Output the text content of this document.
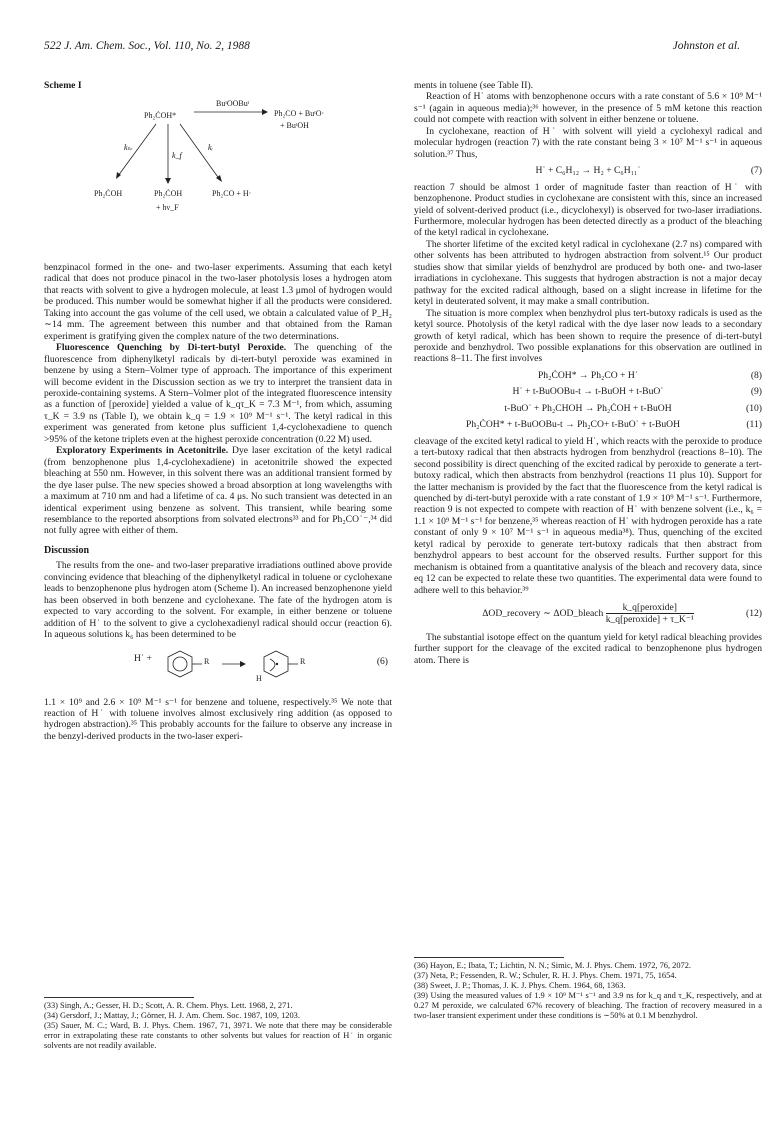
522 J. Am. Chem. Soc., Vol. 110, No. 2, 1988	Johnston et al.
Scheme I
Ph₂ĊOH*
BuᵗOOBuᵗ
Ph₂CO + BuᵗO·
+ BuᵗOH
kₙᵣ
k_f
kᵣ
Ph₂ĊOH	Ph₂ĊOH
+ hν_F
Ph₂CO + H·

benzpinacol formed in the one- and two-laser experiments. Assuming that each ketyl radical that does not produce pinacol in the two-laser photolysis loses a hydrogen atom that reacts with solvent to give a hydrogen molecule, at least 1.3 μmol of hydrogen would be produced. This number would be somewhat higher if all the products were considered. Taking into account the gas volume of the cell used, we obtain a calculated value of P_H₂ ∼14 mm. The agreement between this number and that obtained from the Raman experiment is gratifying given the complex nature of the two determinations.

Fluorescence Quenching by Di-tert-butyl Peroxide. The quenching of the fluorescence from diphenylketyl radicals by di-tert-butyl peroxide was examined in benzene by using a Stern–Volmer type of approach. The importance of this experiment will become evident in the Discussion section as we try to interpret the transient data in peroxide-containing systems. A Stern–Volmer plot of the integrated fluorescence intensity as a function of [peroxide] yielded a value of k_qτ_K = 7.3 M⁻¹, from which, assuming τ_K = 3.9 ns (Table I), we obtain k_q = 1.9 × 10⁹ M⁻¹ s⁻¹. The ketyl radical in this experiment was generated from ketone plus sufficient 1,4-cyclohexadiene to quench >95% of the ketone triplets even at the highest peroxide concentration (0.22 M) used.

Exploratory Experiments in Acetonitrile. Dye laser excitation of the ketyl radical (from benzophenone plus 1,4-cyclohexadiene) in acetonitrile showed the expected bleaching at 550 nm. However, in this solvent there was an additional transient formed by the dye laser pulse. The new species showed a broad absorption at long wavelengths with a maximum at 710 nm and had a lifetime of ca. 4 μs. No such transient was detected in an identical experiment using benzene as solvent. This transient, while bearing some resemblance to the reported absorptions from solvated electrons³³ and for Ph₂CO˙⁻,³⁴ did not fully agree with either of them.

Discussion

The results from the one- and two-laser preparative irradiations outlined above provide convincing evidence that bleaching of the diphenylketyl radical in toluene or cyclohexane leads to benzophenone plus hydrogen atom (Scheme I). An increased benzophenone yield has been observed in both benzene and cyclohexane. The fate of the hydrogen atom is expected to vary according to the solvent. For example, in either benzene or toluene addition of H˙ to the solvent to give a cyclohexadienyl radical should occur (reaction 6). In aqueous solutions k₆ has been determined to be

H˙ +	R	R
H
(6)

1.1 × 10⁹ and 2.6 × 10⁹ M⁻¹ s⁻¹ for benzene and toluene, respectively.³⁵ We note that reaction of H˙ with toluene involves almost exclusively ring addition (as opposed to hydrogen abstraction).³⁵ This probably accounts for the failure to observe any increase in the benzyl-derived products in the two-laser experi-

(33) Singh, A.; Gesser, H. D.; Scott, A. R. Chem. Phys. Lett. 1968, 2, 271.

(34) Gersdorf, J.; Mattay, J.; Görner, H. J. Am. Chem. Soc. 1987, 109, 1203.

(35) Sauer, M. C.; Ward, B. J. Phys. Chem. 1967, 71, 3971. We note that there may be considerable error in extrapolating these rate constants to other solvents but values for reaction of H˙ in organic solvents are not readily available.

ments in toluene (see Table II).

Reaction of H˙ atoms with benzophenone occurs with a rate constant of 5.6 × 10⁹ M⁻¹ s⁻¹ (again in aqueous media);³⁶ however, in the presence of 5 mM ketone this reaction could not compete with reaction with solvent in either benzene or toluene.

In cyclohexane, reaction of H˙ with solvent will yield a cyclohexyl radical and molecular hydrogen (reaction 7) with the rate constant being 3 × 10⁷ M⁻¹ s⁻¹ in aqueous solution.³⁷ Thus,

H˙ + C₆H₁₂ → H₂ + C₆H₁₁˙	(7)

reaction 7 should be almost 1 order of magnitude faster than reaction of H˙ with benzophenone. Product studies in cyclohexane are consistent with this, since an increased yield of solvent-derived product (i.e., dicyclohexyl) is observed for two-laser irradiations. Furthermore, molecular hydrogen has been detected directly as a product of the bleaching of the ketyl radical in cyclohexane.

The shorter lifetime of the excited ketyl radical in cyclohexane (2.7 ns) compared with other solvents has been attributed to hydrogen abstraction from solvent.¹⁵ Our product studies show that similar yields of benzhydrol are produced by both one- and two-laser irradiations in cyclohexane. This suggests that hydrogen abstraction is not a major decay pathway for the excited radical although, based on a slight increase in lifetime for the ketyl in deuterated solvent, it may make a small contribution.

The situation is more complex when benzhydrol plus tert-butoxy radicals is used as the ketyl source. Photolysis of the ketyl radical with the dye laser now leads to a secondary growth of ketyl radical, which has been shown to require the presence of di-tert-butyl peroxide and benzhydrol. Two possible explanations for this observation are outlined in reactions 8–11. The first involves

Ph₂ĊOH* → Ph₂CO + H˙	(8)
H˙ + t-BuOOBu-t → t-BuOH + t-BuO˙	(9)
t-BuO˙ + Ph₂CHOH → Ph₂ĊOH + t-BuOH	(10)
Ph₂ĊOH* + t-BuOOBu-t → Ph₂CO+ t-BuO˙ + t-BuOH	(11)

cleavage of the excited ketyl radical to yield H˙, which reacts with the peroxide to produce a tert-butoxy radical that then abstracts hydrogen from benzhydrol (reactions 8–10). The second possibility is direct quenching of the excited radical by peroxide to generate a tert-butoxy radical, which then abstracts from benzhydrol (reactions 11 plus 10). Support for the latter mechanism is provided by the fact that the fluorescence from the ketyl radical is quenched by di-tert-butyl peroxide with a rate constant of 1.9 × 10⁹ M⁻¹ s⁻¹. Furthermore, reaction 9 is not expected to compete with reaction of H˙ with benzene solvent (i.e., k₆ = 1.1 × 10⁹ M⁻¹ s⁻¹ for benzene,³⁵ whereas reaction of H˙ with hydrogen peroxide has a rate constant of only 9 × 10⁷ M⁻¹ s⁻¹ in aqueous media³⁸). Thus, quenching of the excited ketyl radical by peroxide to generate tert-butoxy radicals that then abstract from benzhydrol appears to best account for the observed results. Further support for this mechanism is obtained from a quantitative analysis of the bleach and recovery data, since eq 12 can be expected to relate these two quantities. The experimental data were found to adhere well to this behavior.³⁹

ΔOD_recovery ∼ ΔOD_bleach $\frac{\text{k\_q[peroxide]}}{\text{k\_q[peroxide] + τ\_K⁻¹}}$	(12)

The substantial isotope effect on the quantum yield for ketyl radical bleaching provides further support for the cleavage of the excited radical to benzophenone plus hydrogen atom. There is

(36) Hayon, E.; Ibata, T.; Lichtin, N. N.; Simic, M. J. Phys. Chem. 1972, 76, 2072.

(37) Neta, P.; Fessenden, R. W.; Schuler, R. H. J. Phys. Chem. 1971, 75, 1654.

(38) Sweet, J. P.; Thomas, J. K. J. Phys. Chem. 1964, 68, 1363.

(39) Using the measured values of 1.9 × 10⁹ M⁻¹ s⁻¹ and 3.9 ns for k_q and τ_K, respectively, and at 0.27 M peroxide, we calculated 67% recovery of bleaching. The fraction of recovery measured in a two-laser transient experiment under these conditions is ∼50% at 0.1 M benzhydrol.
